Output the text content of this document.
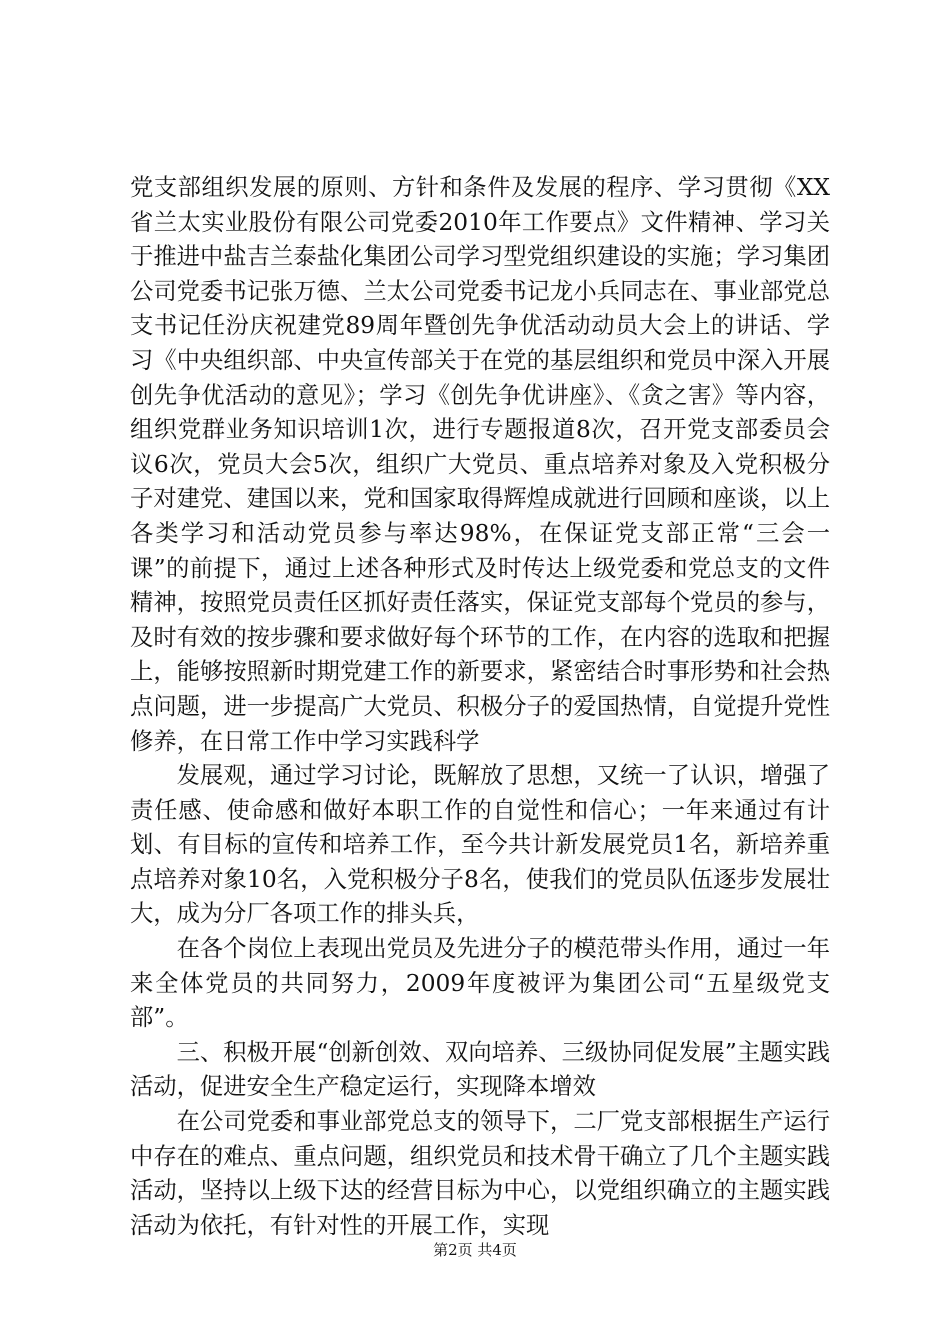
党支部组织发展的原则、方针和条件及发展的程序、学习贯彻《XX省兰太实业股份有限公司党委2010年工作要点》文件精神、学习关于推进中盐吉兰泰盐化集团公司学习型党组织建设的实施；学习集团公司党委书记张万德、兰太公司党委书记龙小兵同志在、事业部党总支书记任汾庆祝建党89周年暨创先争优活动动员大会上的讲话、学习《中央组织部、中央宣传部关于在党的基层组织和党员中深入开展创先争优活动的意见》；学习《创先争优讲座》、《贪之害》等内容，组织党群业务知识培训1次，进行专题报道8次，召开党支部委员会议6次，党员大会5次，组织广大党员、重点培养对象及入党积极分子对建党、建国以来，党和国家取得辉煌成就进行回顾和座谈，以上各类学习和活动党员参与率达98%，在保证党支部正常“三会一课”的前提下，通过上述各种形式及时传达上级党委和党总支的文件精神，按照党员责任区抓好责任落实，保证党支部每个党员的参与，及时有效的按步骤和要求做好每个环节的工作，在内容的选取和把握上，能够按照新时期党建工作的新要求，紧密结合时事形势和社会热点问题，进一步提高广大党员、积极分子的爱国热情，自觉提升党性修养，在日常工作中学习实践科学

发展观，通过学习讨论，既解放了思想，又统一了认识，增强了责任感、使命感和做好本职工作的自觉性和信心；一年来通过有计划、有目标的宣传和培养工作，至今共计新发展党员1名，新培养重点培养对象10名，入党积极分子8名，使我们的党员队伍逐步发展壮大，成为分厂各项工作的排头兵，

在各个岗位上表现出党员及先进分子的模范带头作用，通过一年来全体党员的共同努力，2009年度被评为集团公司“五星级党支部”。

三、积极开展“创新创效、双向培养、三级协同促发展”主题实践活动，促进安全生产稳定运行，实现降本增效

在公司党委和事业部党总支的领导下，二厂党支部根据生产运行中存在的难点、重点问题，组织党员和技术骨干确立了几个主题实践活动，坚持以上级下达的经营目标为中心，以党组织确立的主题实践活动为依托，有针对性的开展工作，实现

第2页 共4页
